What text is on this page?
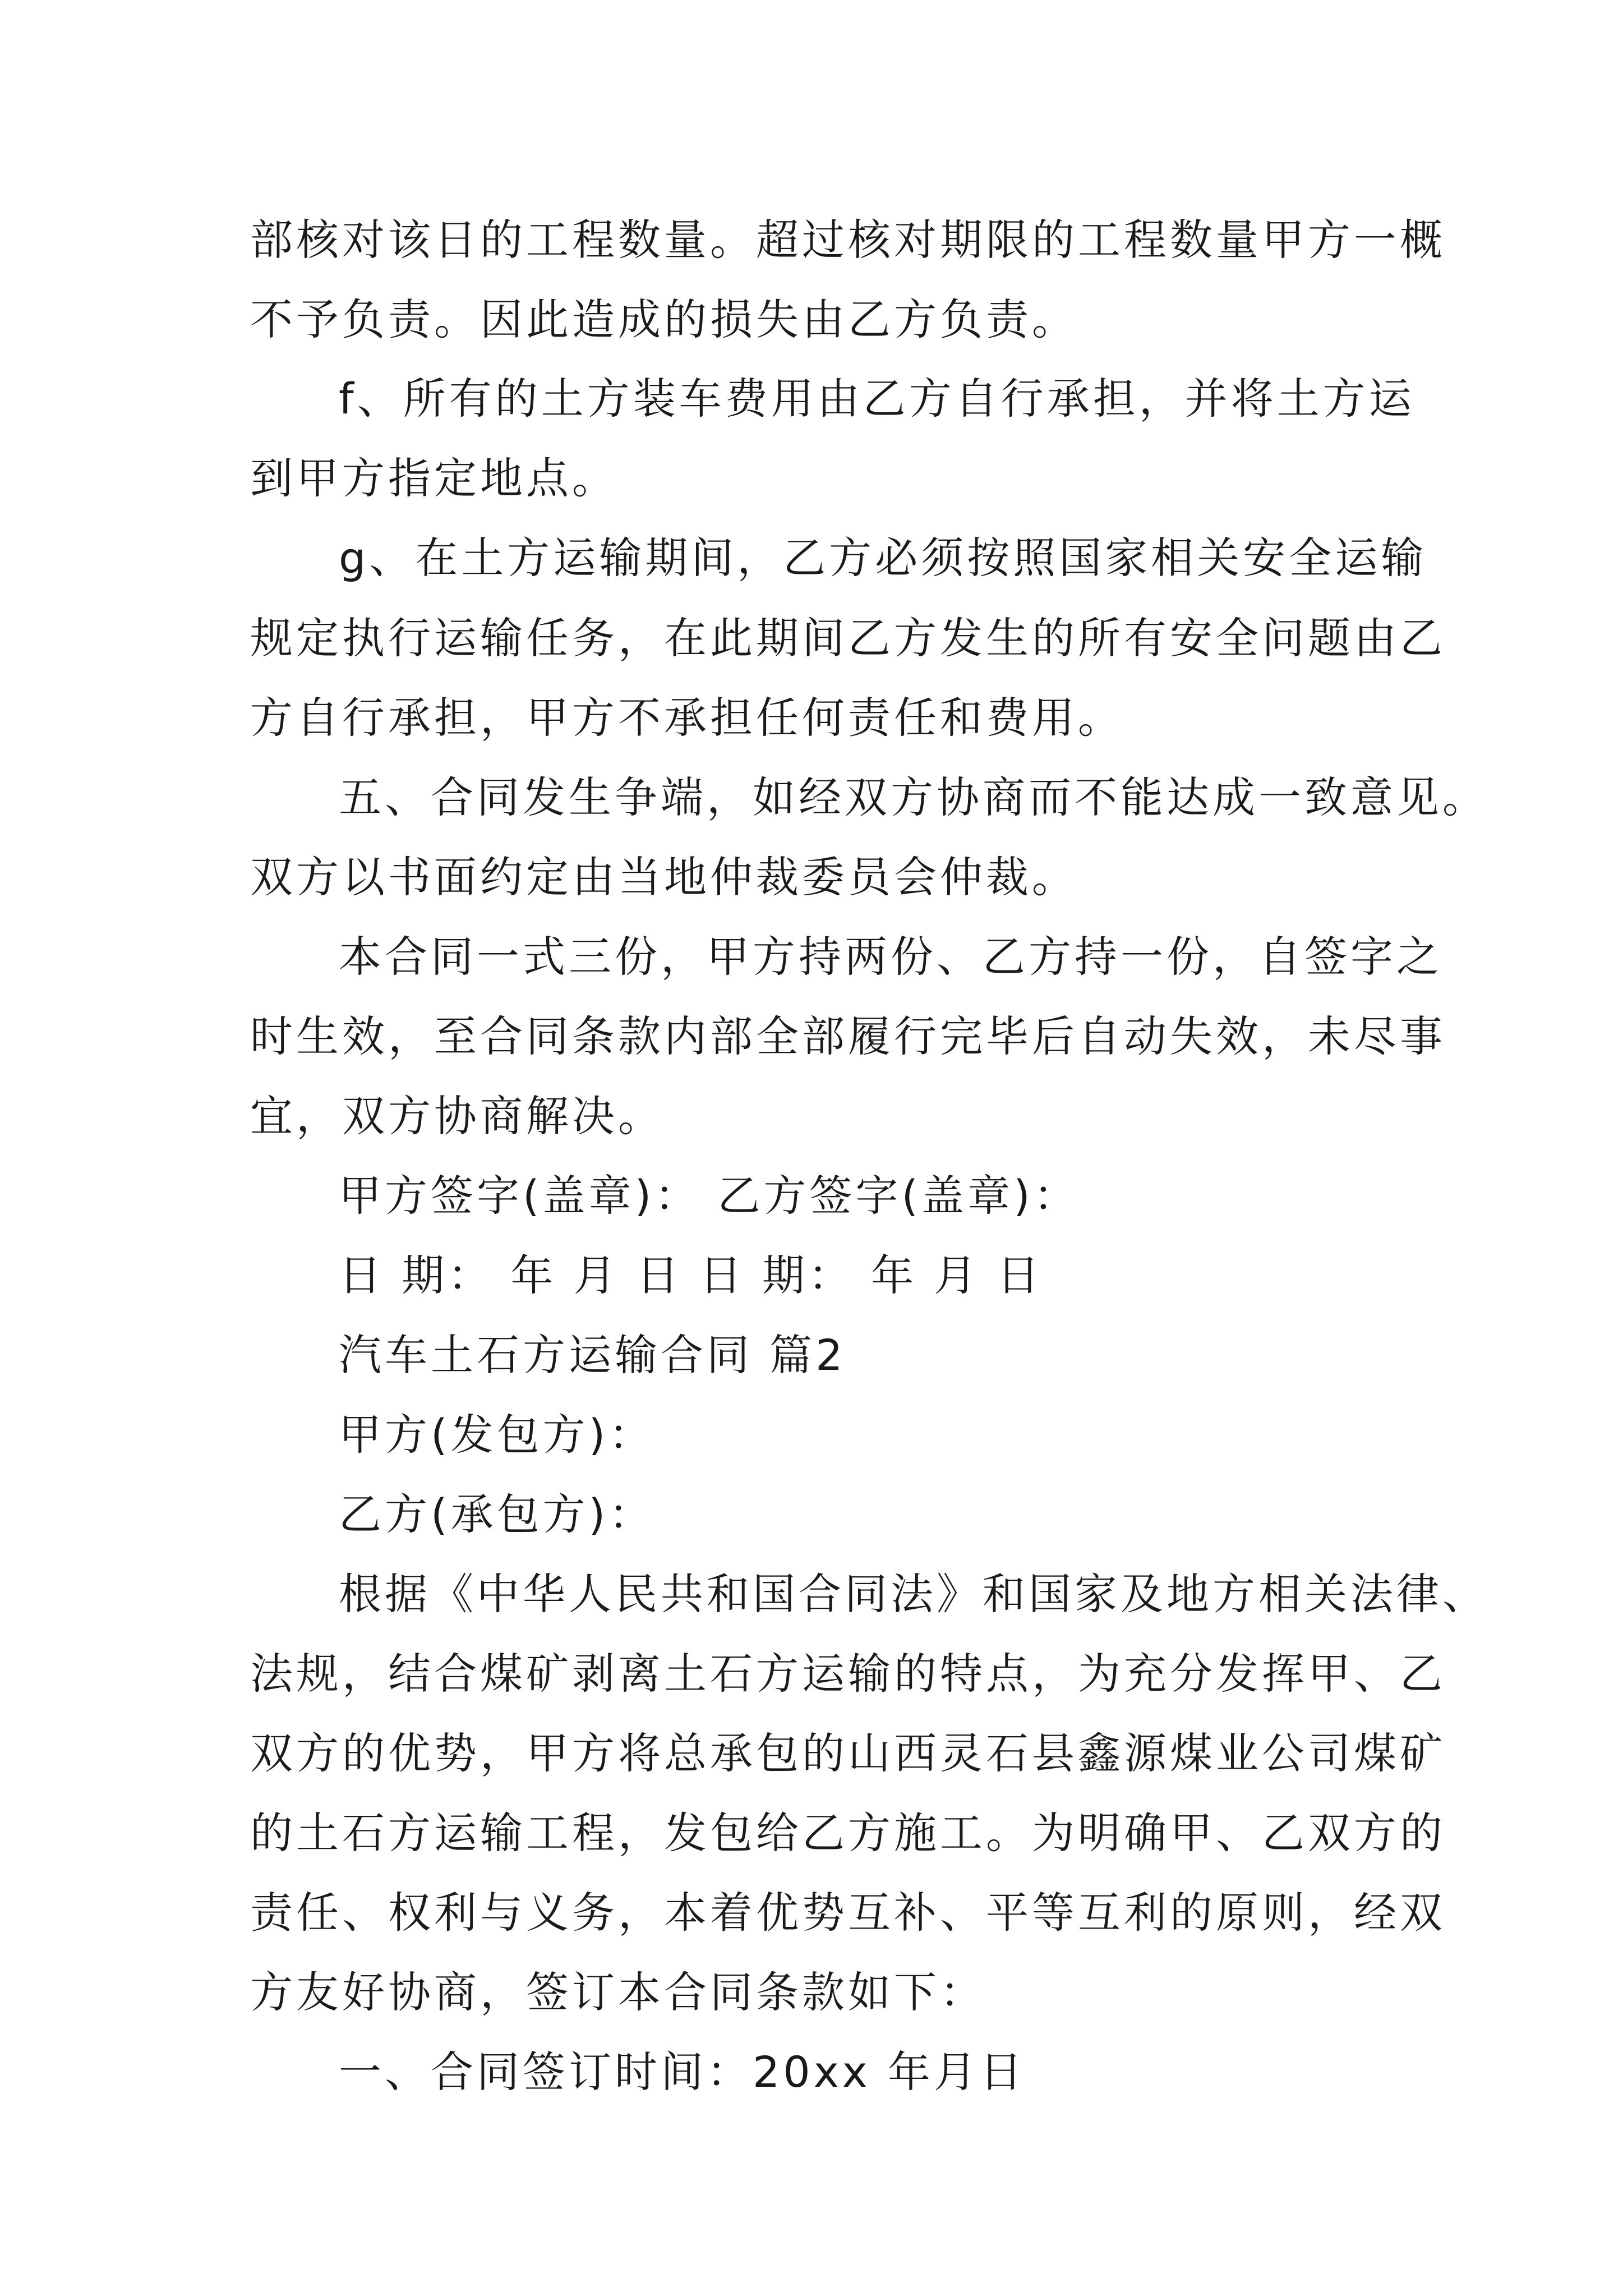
部核对该日的工程数量。超过核对期限的工程数量甲方一概
不予负责。因此造成的损失由乙方负责。
f、所有的土方装车费用由乙方自行承担，并将土方运
到甲方指定地点。
g、在土方运输期间，乙方必须按照国家相关安全运输
规定执行运输任务，在此期间乙方发生的所有安全问题由乙
方自行承担，甲方不承担任何责任和费用。
五、合同发生争端，如经双方协商而不能达成一致意见。
双方以书面约定由当地仲裁委员会仲裁。
本合同一式三份，甲方持两份、乙方持一份，自签字之
时生效，至合同条款内部全部履行完毕后自动失效，未尽事
宜，双方协商解决。
甲方签字(盖章)： 乙方签字(盖章)：
日 期： 年 月 日 日 期： 年 月 日
汽车土石方运输合同 篇2
甲方(发包方)：
乙方(承包方)：
根据《中华人民共和国合同法》和国家及地方相关法律、
法规，结合煤矿剥离土石方运输的特点，为充分发挥甲、乙
双方的优势，甲方将总承包的山西灵石县鑫源煤业公司煤矿
的土石方运输工程，发包给乙方施工。为明确甲、乙双方的
责任、权利与义务，本着优势互补、平等互利的原则，经双
方友好协商，签订本合同条款如下：
一、合同签订时间：20xx 年月日
